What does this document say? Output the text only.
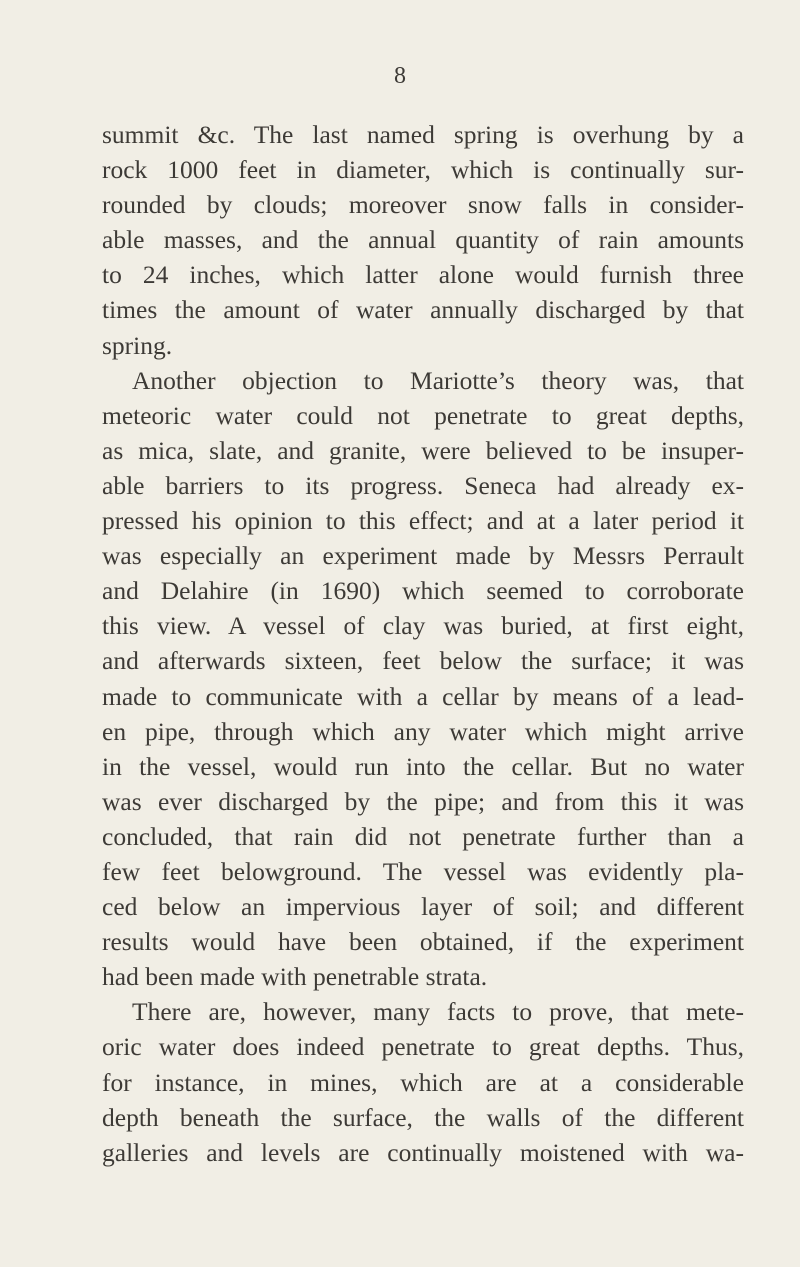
8
summit &c. The last named spring is overhung by a
rock 1000 feet in diameter, which is continually sur-
rounded by clouds; moreover snow falls in consider-
able masses, and the annual quantity of rain amounts
to 24 inches, which latter alone would furnish three
times the amount of water annually discharged by that
spring.
Another objection to Mariotte’s theory was, that
meteoric water could not penetrate to great depths,
as mica, slate, and granite, were believed to be insuper-
able barriers to its progress. Seneca had already ex-
pressed his opinion to this effect; and at a later period it
was especially an experiment made by Messrs Perrault
and Delahire (in 1690) which seemed to corroborate
this view. A vessel of clay was buried, at first eight,
and afterwards sixteen, feet below the surface; it was
made to communicate with a cellar by means of a lead-
en pipe, through which any water which might arrive
in the vessel, would run into the cellar. But no water
was ever discharged by the pipe; and from this it was
concluded, that rain did not penetrate further than a
few feet belowground. The vessel was evidently pla-
ced below an impervious layer of soil; and different
results would have been obtained, if the experiment
had been made with penetrable strata.
There are, however, many facts to prove, that mete-
oric water does indeed penetrate to great depths. Thus,
for instance, in mines, which are at a considerable
depth beneath the surface, the walls of the different
galleries and levels are continually moistened with wa-
